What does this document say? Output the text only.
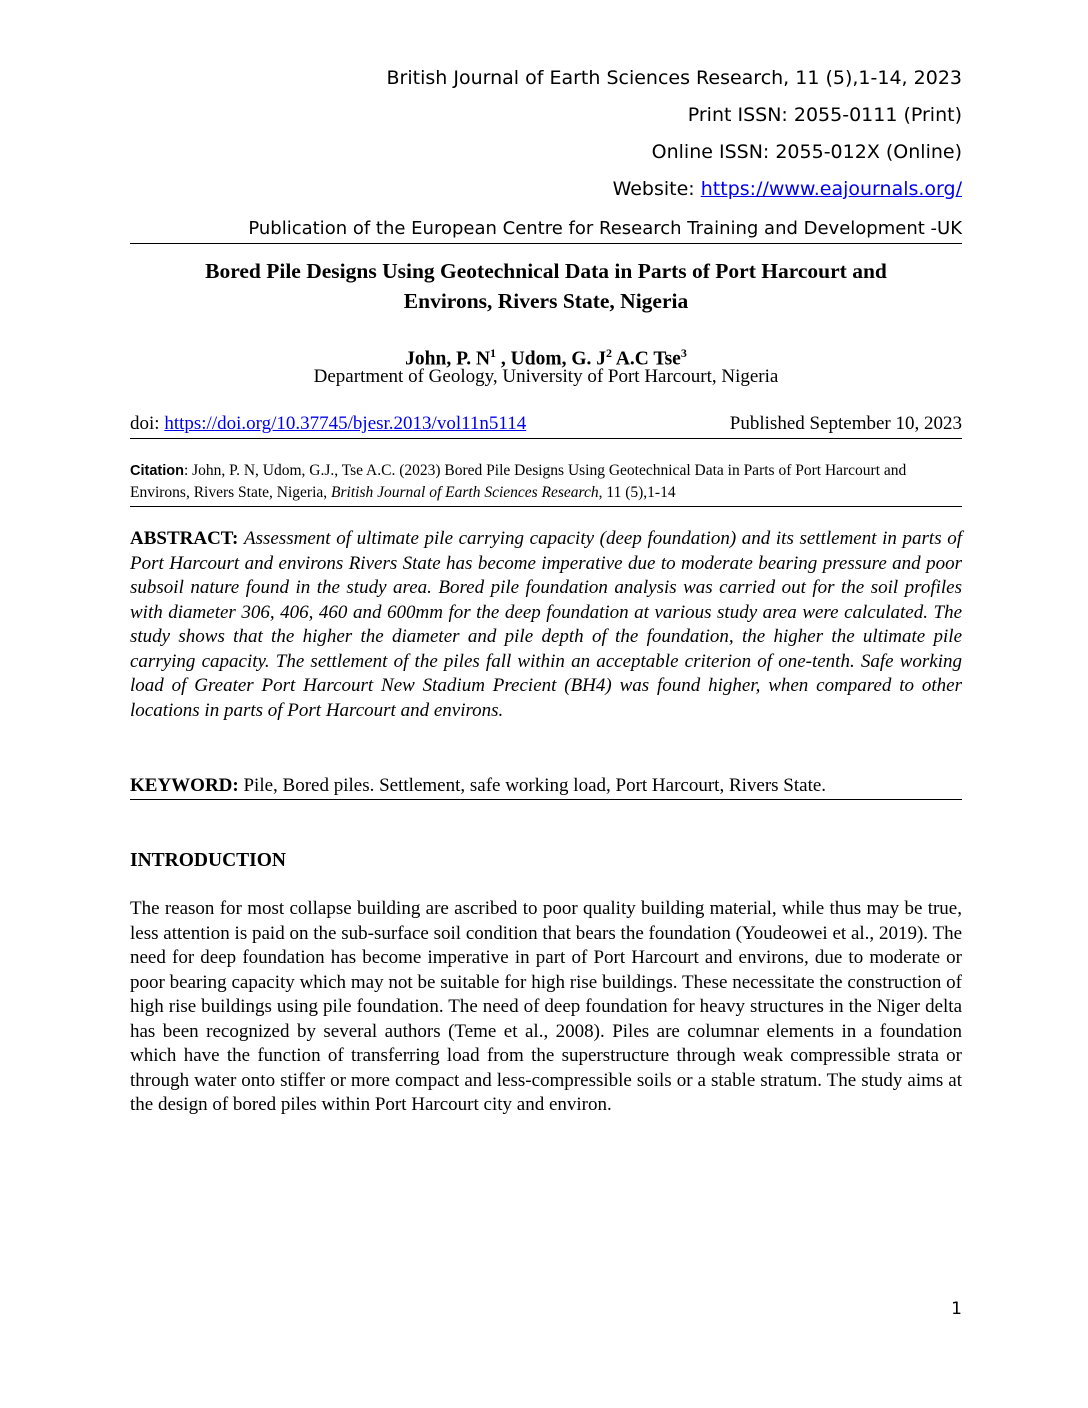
British Journal of Earth Sciences Research, 11 (5),1-14, 2023
Print ISSN: 2055-0111 (Print)
Online ISSN: 2055-012X (Online)
Website: https://www.eajournals.org/
Publication of the European Centre for Research Training and Development -UK
Bored Pile Designs Using Geotechnical Data in Parts of Port Harcourt and
Environs, Rivers State, Nigeria
John, P. $N^1$ , Udom, G. $J^2$ A.C Tse$^3$
Department of Geology, University of Port Harcourt, Nigeria
doi: https://doi.org/10.37745/bjesr.2013/vol11n5114	Published September 10, 2023
Citation: John, P. N, Udom, G.J., Tse A.C. (2023) Bored Pile Designs Using Geotechnical Data in Parts of Port Harcourt and Environs, Rivers State, Nigeria, British Journal of Earth Sciences Research, 11 (5),1-14
ABSTRACT: Assessment of ultimate pile carrying capacity (deep foundation) and its settlement in parts of Port Harcourt and environs Rivers State has become imperative due to moderate bearing pressure and poor subsoil nature found in the study area. Bored pile foundation analysis was carried out for the soil profiles with diameter 306, 406, 460 and 600mm for the deep foundation at various study area were calculated. The study shows that the higher the diameter and pile depth of the foundation, the higher the ultimate pile carrying capacity. The settlement of the piles fall within an acceptable criterion of one-tenth. Safe working load of Greater Port Harcourt New Stadium Precient (BH4) was found higher, when compared to other locations in parts of Port Harcourt and environs.
KEYWORD: Pile, Bored piles. Settlement, safe working load, Port Harcourt, Rivers State.
INTRODUCTION
The reason for most collapse building are ascribed to poor quality building material, while thus may be true, less attention is paid on the sub-surface soil condition that bears the foundation (Youdeowei et al., 2019). The need for deep foundation has become imperative in part of Port Harcourt and environs, due to moderate or poor bearing capacity which may not be suitable for high rise buildings. These necessitate the construction of high rise buildings using pile foundation. The need of deep foundation for heavy structures in the Niger delta has been recognized by several authors (Teme et al., 2008). Piles are columnar elements in a foundation which have the function of transferring load from the superstructure through weak compressible strata or through water onto stiffer or more compact and less-compressible soils or a stable stratum. The study aims at the design of bored piles within Port Harcourt city and environ.
1
